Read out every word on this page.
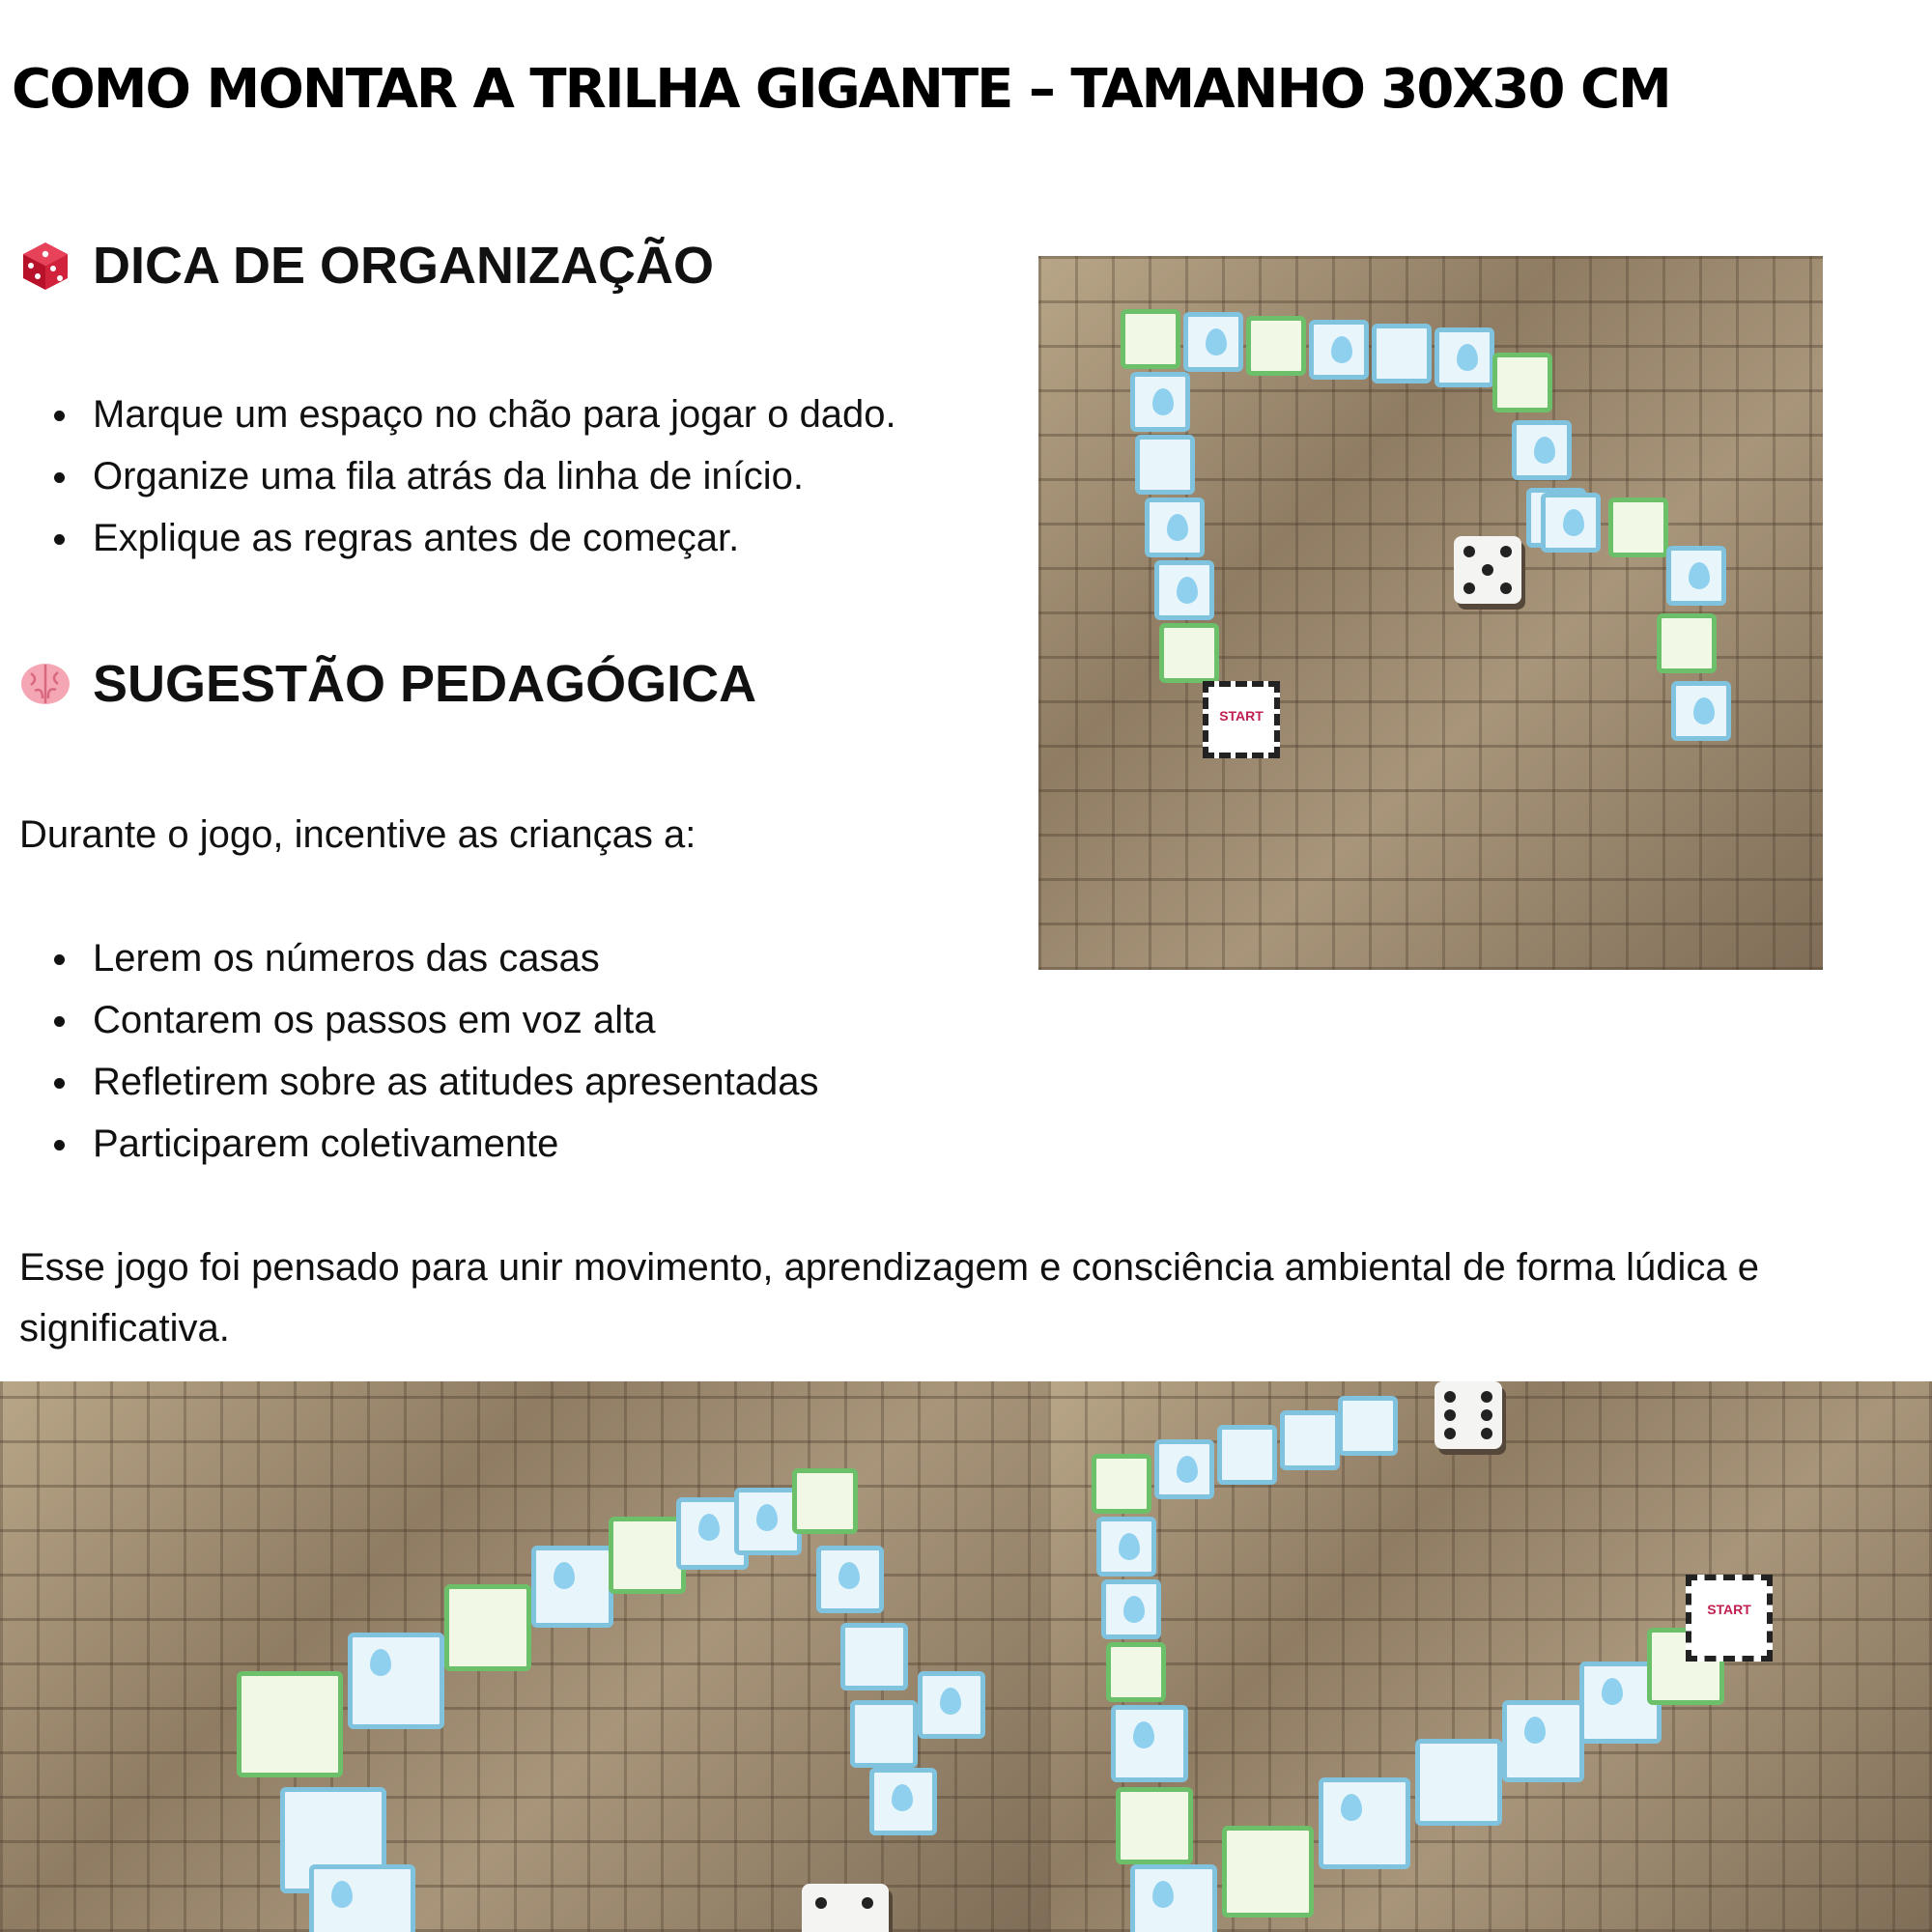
COMO MONTAR A TRILHA GIGANTE – TAMANHO 30X30 CM
DICA DE ORGANIZAÇÃO
Marque um espaço no chão para jogar o dado.
Organize uma fila atrás da linha de início.
Explique as regras antes de começar.
SUGESTÃO PEDAGÓGICA
Durante o jogo, incentive as crianças a:
Lerem os números das casas
Contarem os passos em voz alta
Refletirem sobre as atitudes apresentadas
Participarem coletivamente
Esse jogo foi pensado para unir movimento, aprendizagem e consciência ambiental de forma lúdica e significativa.
START
START
